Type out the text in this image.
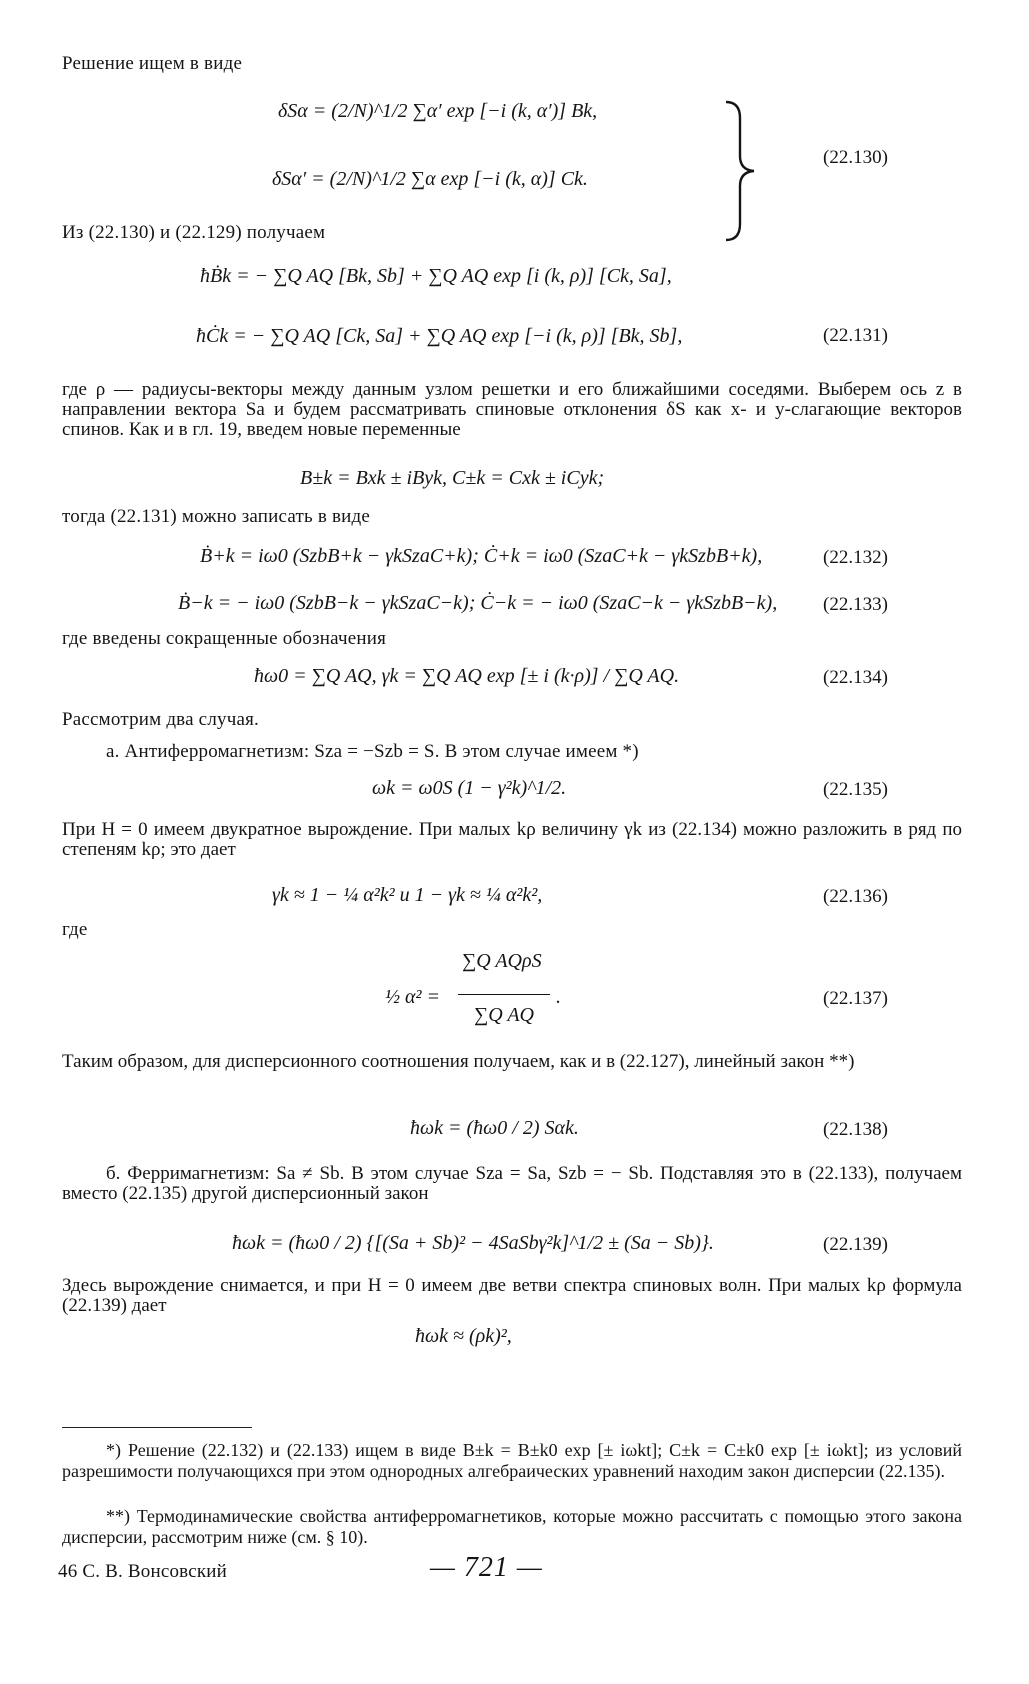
Решение ищем в виде
δSα = (2/N)^1/2 ∑α′ exp [−i (k, α′)] Bk,
δSα′ = (2/N)^1/2 ∑α exp [−i (k, α)] Ck.
(22.130)
Из (22.130) и (22.129) получаем
ħḂk = − ∑Q AQ [Bk, Sb] + ∑Q AQ exp [i (k, ρ)] [Ck, Sa],
ħĊk = − ∑Q AQ [Ck, Sa] + ∑Q AQ exp [−i (k, ρ)] [Bk, Sb],	(22.131)
где ρ — радиусы-векторы между данным узлом решетки и его ближайшими соседями. Выберем ось z в направлении вектора Sa и будем рассматривать спиновые отклонения δS как x- и y-слагающие векторов спинов. Как и в гл. 19, введем новые переменные
B±k = Bxk ± iByk, C±k = Cxk ± iCyk;
тогда (22.131) можно записать в виде
Ḃ+k = iω0 (SzbB+k − γkSzaC+k); Ċ+k = iω0 (SzaC+k − γkSzbB+k),	(22.132)
Ḃ−k = − iω0 (SzbB−k − γkSzaC−k); Ċ−k = − iω0 (SzaC−k − γkSzbB−k), (22.133)
где введены сокращенные обозначения
ħω0 = ∑Q AQ, γk = ∑Q AQ exp [± i (k·ρ)] / ∑Q AQ.	(22.134)
Рассмотрим два случая.
а. Антиферромагнетизм: Sza = −Szb = S. В этом случае имеем *)
ωk = ω0S (1 − γ²k)^1/2.	(22.135)
При H = 0 имеем двукратное вырождение. При малых kρ величину γk из (22.134) можно разложить в ряд по степеням kρ; это дает
γk ≈ 1 − ¼ α²k² и 1 − γk ≈ ¼ α²k²,	(22.136)
где
½ α² =
∑Q AQρS
∑Q AQ
.	(22.137)
Таким образом, для дисперсионного соотношения получаем, как и в (22.127), линейный закон **)
ħωk = (ħω0 / 2) Sαk.	(22.138)
б. Ферримагнетизм: Sa ≠ Sb. В этом случае Sza = Sa, Szb = − Sb. Подставляя это в (22.133), получаем вместо (22.135) другой дисперсионный закон
ħωk = (ħω0 / 2) {[(Sa + Sb)² − 4SaSbγ²k]^1/2 ± (Sa − Sb)}.	(22.139)
Здесь вырождение снимается, и при H = 0 имеем две ветви спектра спиновых волн. При малых kρ формула (22.139) дает
ħωk ≈ (ρk)²,
*) Решение (22.132) и (22.133) ищем в виде B±k = B±k0 exp [± iωkt]; C±k = C±k0 exp [± iωkt]; из условий разрешимости получающихся при этом однородных алгебраических уравнений находим закон дисперсии (22.135).
**) Термодинамические свойства антиферромагнетиков, которые можно рассчитать с помощью этого закона дисперсии, рассмотрим ниже (см. § 10).
46 С. В. Вонсовский	— 721 —
